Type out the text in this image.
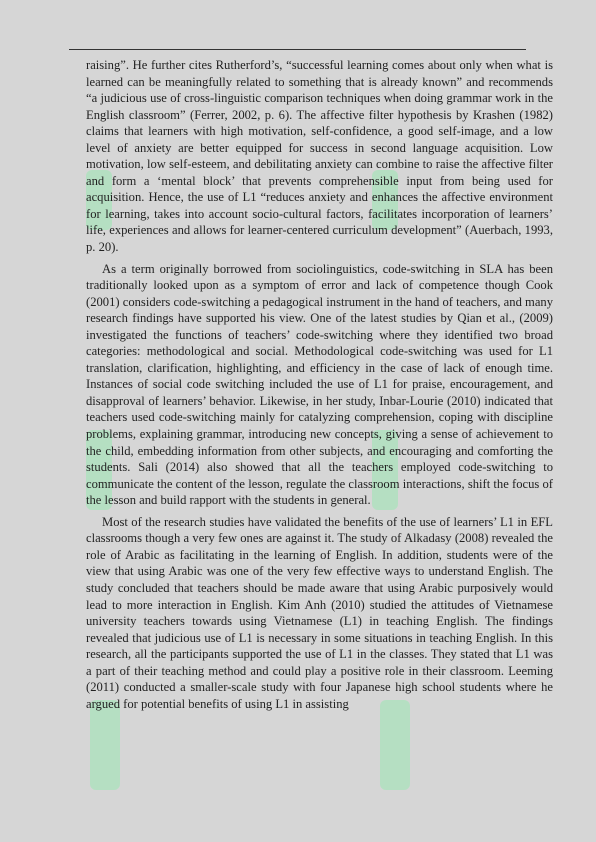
raising”. He further cites Rutherford’s, “successful learning comes about only when what is learned can be meaningfully related to something that is already known” and recommends “a judicious use of cross-linguistic comparison techniques when doing grammar work in the English classroom” (Ferrer, 2002, p. 6). The affective filter hypothesis by Krashen (1982) claims that learners with high motivation, self-confidence, a good self-image, and a low level of anxiety are better equipped for success in second language acquisition. Low motivation, low self-esteem, and debilitating anxiety can combine to raise the affective filter and form a ‘mental block’ that prevents comprehensible input from being used for acquisition. Hence, the use of L1 “reduces anxiety and enhances the affective environment for learning, takes into account socio-cultural factors, facilitates incorporation of learners’ life, experiences and allows for learner-centered curriculum development” (Auerbach, 1993, p. 20).

As a term originally borrowed from sociolinguistics, code-switching in SLA has been traditionally looked upon as a symptom of error and lack of competence though Cook (2001) considers code-switching a pedagogical instrument in the hand of teachers, and many research findings have supported his view. One of the latest studies by Qian et al., (2009) investigated the functions of teachers’ code-switching where they identified two broad categories: methodological and social. Methodological code-switching was used for L1 translation, clarification, highlighting, and efficiency in the case of lack of enough time. Instances of social code switching included the use of L1 for praise, encouragement, and disapproval of learners’ behavior. Likewise, in her study, Inbar-Lourie (2010) indicated that teachers used code-switching mainly for catalyzing comprehension, coping with discipline problems, explaining grammar, introducing new concepts, giving a sense of achievement to the child, embedding information from other subjects, and encouraging and comforting the students. Sali (2014) also showed that all the teachers employed code-switching to communicate the content of the lesson, regulate the classroom interactions, shift the focus of the lesson and build rapport with the students in general.

Most of the research studies have validated the benefits of the use of learners’ L1 in EFL classrooms though a very few ones are against it. The study of Alkadasy (2008) revealed the role of Arabic as facilitating in the learning of English. In addition, students were of the view that using Arabic was one of the very few effective ways to understand English. The study concluded that teachers should be made aware that using Arabic purposively would lead to more interaction in English. Kim Anh (2010) studied the attitudes of Vietnamese university teachers towards using Vietnamese (L1) in teaching English. The findings revealed that judicious use of L1 is necessary in some situations in teaching English. In this research, all the participants supported the use of L1 in the classes. They stated that L1 was a part of their teaching method and could play a positive role in their classroom. Leeming (2011) conducted a smaller-scale study with four Japanese high school students where he argued for potential benefits of using L1 in assisting
